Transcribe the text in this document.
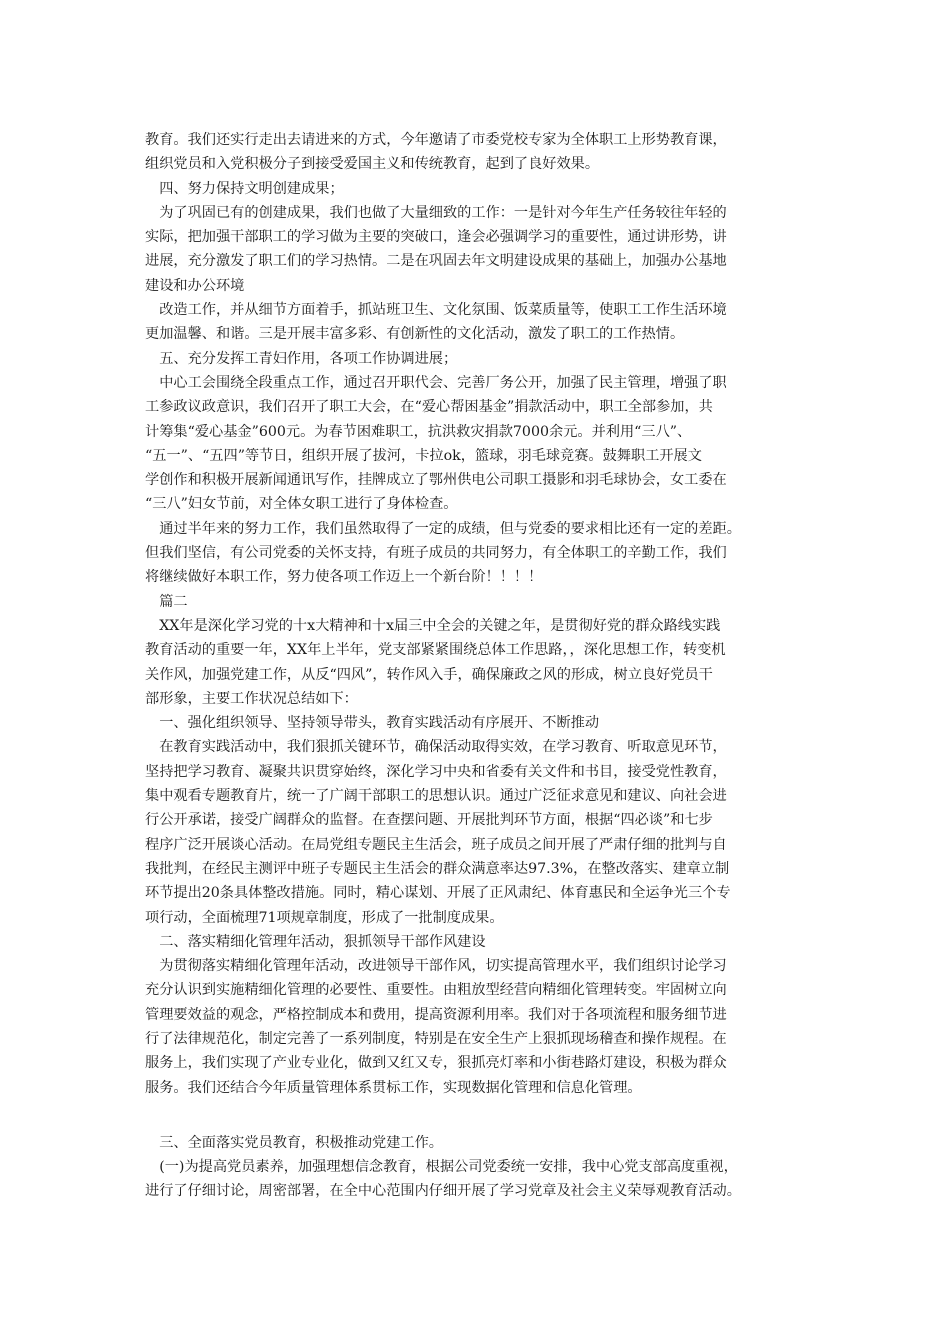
教育。我们还实行走出去请进来的方式，今年邀请了市委党校专家为全体职工上形势教育课，
组织党员和入党积极分子到接受爱国主义和传统教育，起到了良好效果。
　四、努力保持文明创建成果；
　为了巩固已有的创建成果，我们也做了大量细致的工作：一是针对今年生产任务较往年轻的
实际，把加强干部职工的学习做为主要的突破口，逢会必强调学习的重要性，通过讲形势，讲
进展，充分激发了职工们的学习热情。二是在巩固去年文明建设成果的基础上，加强办公基地
建设和办公环境
　改造工作，并从细节方面着手，抓站班卫生、文化氛围、饭菜质量等，使职工工作生活环境
更加温馨、和谐。三是开展丰富多彩、有创新性的文化活动，激发了职工的工作热情。
　五、充分发挥工青妇作用，各项工作协调进展；
　中心工会围绕全段重点工作，通过召开职代会、完善厂务公开，加强了民主管理，增强了职
工参政议政意识，我们召开了职工大会，在“爱心帮困基金”捐款活动中，职工全部参加，共
计筹集“爱心基金”600元。为春节困难职工，抗洪救灾捐款7000余元。并利用“三八”、
“五一”、“五四”等节日，组织开展了拔河，卡拉ok，篮球，羽毛球竞赛。鼓舞职工开展文
学创作和积极开展新闻通讯写作，挂牌成立了鄂州供电公司职工摄影和羽毛球协会，女工委在
“三八”妇女节前，对全体女职工进行了身体检查。
　通过半年来的努力工作，我们虽然取得了一定的成绩，但与党委的要求相比还有一定的差距。
但我们坚信，有公司党委的关怀支持，有班子成员的共同努力，有全体职工的辛勤工作，我们
将继续做好本职工作，努力使各项工作迈上一个新台阶！！！！
　篇二
　XX年是深化学习党的十x大精神和十x届三中全会的关键之年，是贯彻好党的群众路线实践
教育活动的重要一年，XX年上半年，党支部紧紧围绕总体工作思路，，深化思想工作，转变机
关作风，加强党建工作，从反“四风”，转作风入手，确保廉政之风的形成，树立良好党员干
部形象，主要工作状况总结如下：
　一、强化组织领导、坚持领导带头，教育实践活动有序展开、不断推动
　在教育实践活动中，我们狠抓关键环节，确保活动取得实效，在学习教育、听取意见环节，
坚持把学习教育、凝聚共识贯穿始终，深化学习中央和省委有关文件和书目，接受党性教育，
集中观看专题教育片，统一了广阔干部职工的思想认识。通过广泛征求意见和建议、向社会进
行公开承诺，接受广阔群众的监督。在查摆问题、开展批判环节方面，根据“四必谈”和七步
程序广泛开展谈心活动。在局党组专题民主生活会，班子成员之间开展了严肃仔细的批判与自
我批判，在经民主测评中班子专题民主生活会的群众满意率达97.3%，在整改落实、建章立制
环节提出20条具体整改措施。同时，精心谋划、开展了正风肃纪、体育惠民和全运争光三个专
项行动，全面梳理71项规章制度，形成了一批制度成果。
　二、落实精细化管理年活动，狠抓领导干部作风建设
　为贯彻落实精细化管理年活动，改进领导干部作风，切实提高管理水平，我们组织讨论学习
充分认识到实施精细化管理的必要性、重要性。由粗放型经营向精细化管理转变。牢固树立向
管理要效益的观念，严格控制成本和费用，提高资源利用率。我们对于各项流程和服务细节进
行了法律规范化，制定完善了一系列制度，特别是在安全生产上狠抓现场稽查和操作规程。在
服务上，我们实现了产业专业化，做到又红又专，狠抓亮灯率和小街巷路灯建设，积极为群众
服务。我们还结合今年质量管理体系贯标工作，实现数据化管理和信息化管理。
　三、全面落实党员教育，积极推动党建工作。
　(一)为提高党员素养，加强理想信念教育，根据公司党委统一安排，我中心党支部高度重视，
进行了仔细讨论，周密部署，在全中心范围内仔细开展了学习党章及社会主义荣辱观教育活动。
